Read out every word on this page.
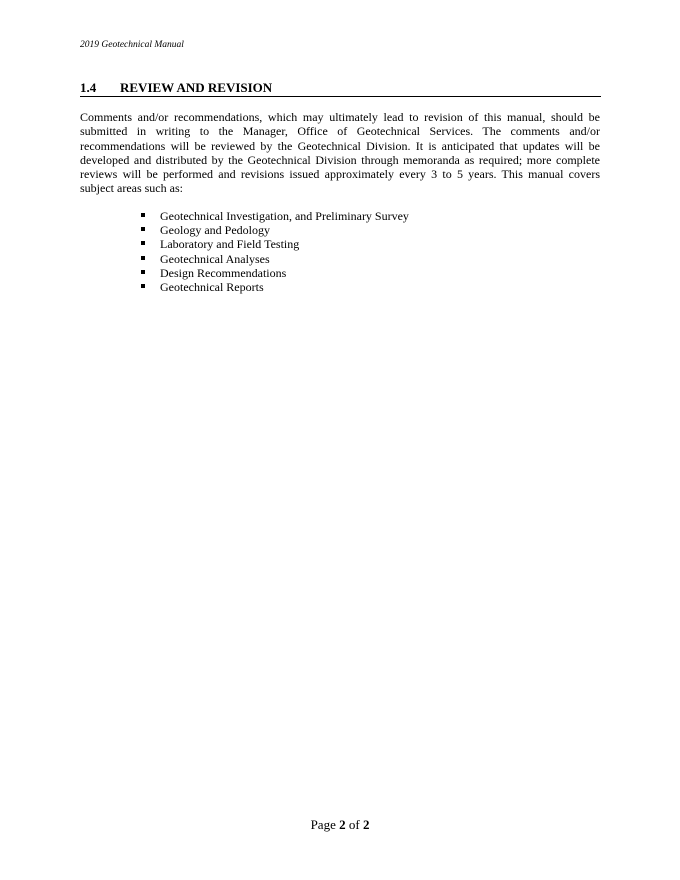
2019 Geotechnical Manual
1.4 REVIEW AND REVISION

Comments and/or recommendations, which may ultimately lead to revision of this manual, should be submitted in writing to the Manager, Office of Geotechnical Services. The comments and/or recommendations will be reviewed by the Geotechnical Division. It is anticipated that updates will be developed and distributed by the Geotechnical Division through memoranda as required; more complete reviews will be performed and revisions issued approximately every 3 to 5 years. This manual covers subject areas such as:

Geotechnical Investigation, and Preliminary Survey
Geology and Pedology
Laboratory and Field Testing
Geotechnical Analyses
Design Recommendations
Geotechnical Reports
Page 2 of 2
